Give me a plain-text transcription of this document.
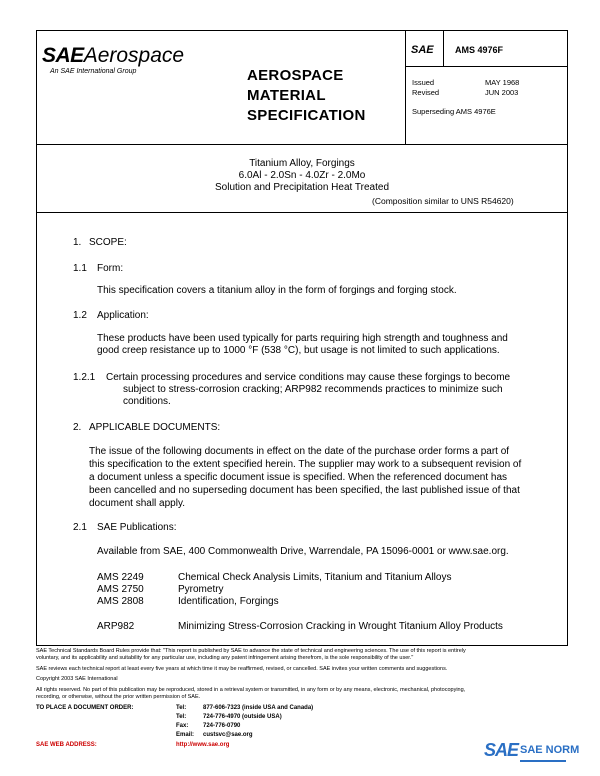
SAEAerospace
An SAE International Group	AEROSPACE
MATERIAL
SPECIFICATION
SAE AMS 4976F
Issued	MAY 1968
Revised	JUN 2003
Superseding AMS 4976E
Titanium Alloy, Forgings
6.0Al - 2.0Sn - 4.0Zr - 2.0Mo
Solution and Precipitation Heat Treated
(Composition similar to UNS R54620)
1. SCOPE:
1.1 Form:
This specification covers a titanium alloy in the form of forgings and forging stock.
1.2 Application:
These products have been used typically for parts requiring high strength and toughness and
good creep resistance up to 1000 °F (538 °C), but usage is not limited to such applications.
1.2.1 Certain processing procedures and service conditions may cause these forgings to become
subject to stress-corrosion cracking; ARP982 recommends practices to minimize such
conditions.
2. APPLICABLE DOCUMENTS:
The issue of the following documents in effect on the date of the purchase order forms a part of
this specification to the extent specified herein. The supplier may work to a subsequent revision of
a document unless a specific document issue is specified. When the referenced document has
been cancelled and no superseding document has been specified, the last published issue of that
document shall apply.
2.1 SAE Publications:
Available from SAE, 400 Commonwealth Drive, Warrendale, PA 15096-0001 or www.sae.org.
AMS 2249	Chemical Check Analysis Limits, Titanium and Titanium Alloys
AMS 2750	Pyrometry
AMS 2808	Identification, Forgings
ARP982	Minimizing Stress-Corrosion Cracking in Wrought Titanium Alloy Products
SAE Technical Standards Board Rules provide that: "This report is published by SAE to advance the state of technical and engineering sciences. The use of this report is entirely
voluntary, and its applicability and suitability for any particular use, including any patent infringement arising therefrom, is the sole responsibility of the user."
SAE reviews each technical report at least every five years at which time it may be reaffirmed, revised, or cancelled. SAE invites your written comments and suggestions.
Copyright 2003 SAE International
All rights reserved. No part of this publication may be reproduced, stored in a retrieval system or transmitted, in any form or by any means, electronic, mechanical, photocopying,
recording, or otherwise, without the prior written permission of SAE.
TO PLACE A DOCUMENT ORDER:	Tel:	877-606-7323 (inside USA and Canada)
Tel:	724-776-4970 (outside USA)
Fax: 724-776-0790
Email: custsvc@sae.org
SAE WEB ADDRESS:	http://www.sae.org	SAE SAE NORM
